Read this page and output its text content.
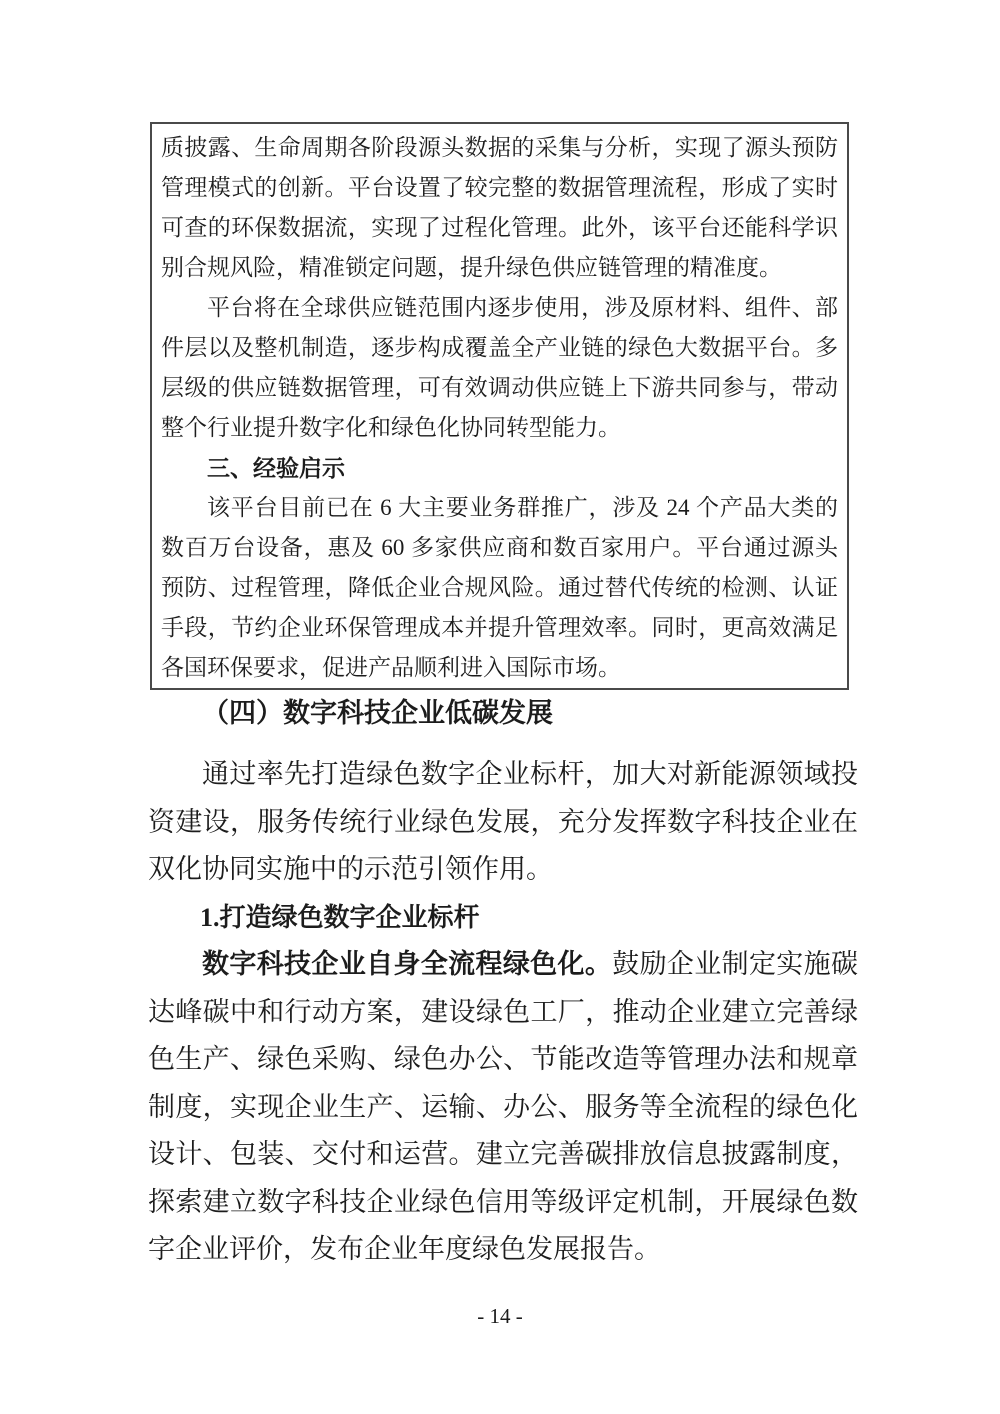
质披露、生命周期各阶段源头数据的采集与分析，实现了源头预防管理模式的创新。平台设置了较完整的数据管理流程，形成了实时可查的环保数据流，实现了过程化管理。此外，该平台还能科学识别合规风险，精准锁定问题，提升绿色供应链管理的精准度。

平台将在全球供应链范围内逐步使用，涉及原材料、组件、部件层以及整机制造，逐步构成覆盖全产业链的绿色大数据平台。多层级的供应链数据管理，可有效调动供应链上下游共同参与，带动整个行业提升数字化和绿色化协同转型能力。

三、经验启示

该平台目前已在 6 大主要业务群推广，涉及 24 个产品大类的数百万台设备，惠及 60 多家供应商和数百家用户。平台通过源头预防、过程管理，降低企业合规风险。通过替代传统的检测、认证手段，节约企业环保管理成本并提升管理效率。同时，更高效满足各国环保要求，促进产品顺利进入国际市场。

（四）数字科技企业低碳发展

通过率先打造绿色数字企业标杆，加大对新能源领域投资建设，服务传统行业绿色发展，充分发挥数字科技企业在双化协同实施中的示范引领作用。

1.打造绿色数字企业标杆

数字科技企业自身全流程绿色化。鼓励企业制定实施碳达峰碳中和行动方案，建设绿色工厂，推动企业建立完善绿色生产、绿色采购、绿色办公、节能改造等管理办法和规章制度，实现企业生产、运输、办公、服务等全流程的绿色化设计、包装、交付和运营。建立完善碳排放信息披露制度，探索建立数字科技企业绿色信用等级评定机制，开展绿色数字企业评价，发布企业年度绿色发展报告。

- 14 -
